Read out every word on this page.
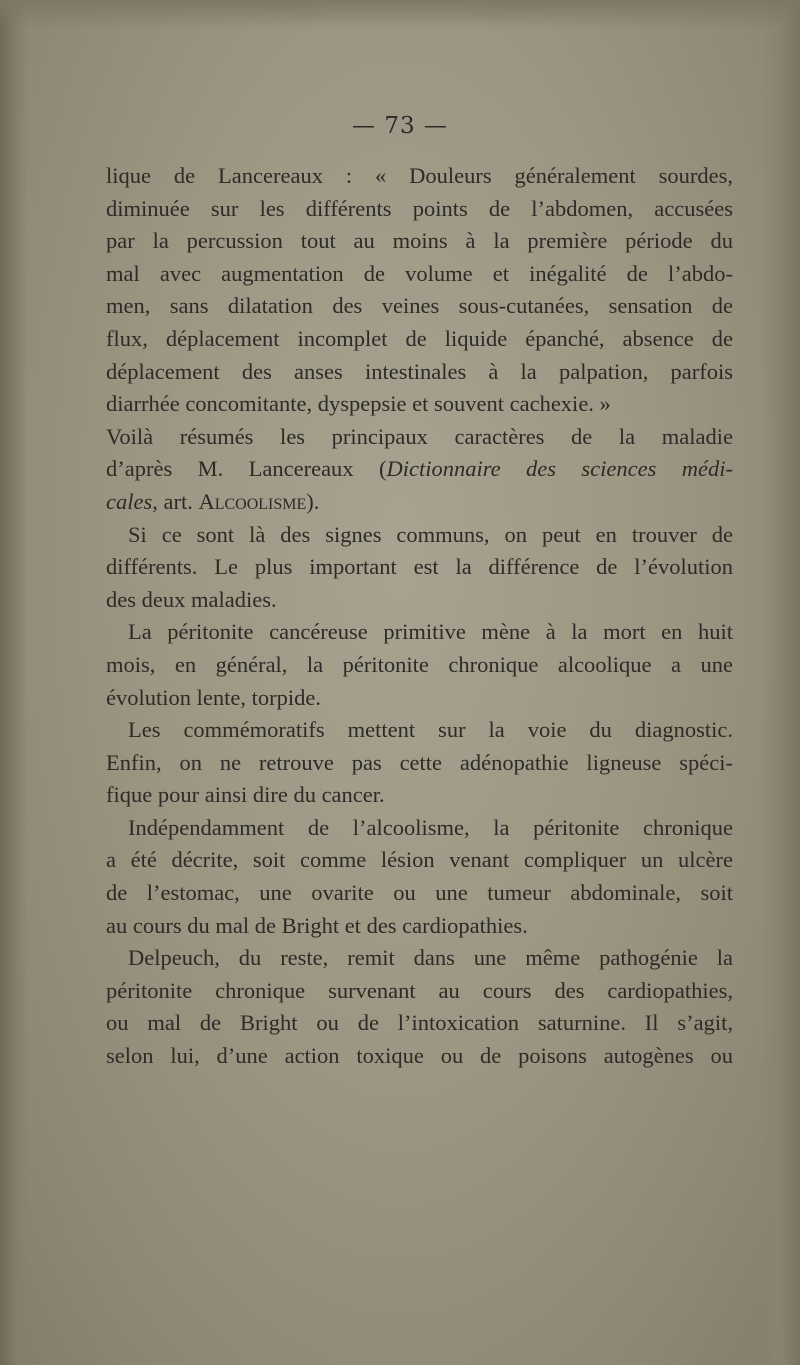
— 73 —
lique de Lancereaux : « Douleurs généralement sourdes,
diminuée sur les différents points de l’abdomen, accusées
par la percussion tout au moins à la première période du
mal avec augmentation de volume et inégalité de l’abdo-
men, sans dilatation des veines sous-cutanées, sensation de
flux, déplacement incomplet de liquide épanché, absence de
déplacement des anses intestinales à la palpation, parfois
diarrhée concomitante, dyspepsie et souvent cachexie. »
Voilà résumés les principaux caractères de la maladie
d’après M. Lancereaux (Dictionnaire des sciences médi-
cales, art. Alcoolisme).
Si ce sont là des signes communs, on peut en trouver de
différents. Le plus important est la différence de l’évolution
des deux maladies.
La péritonite cancéreuse primitive mène à la mort en huit
mois, en général, la péritonite chronique alcoolique a une
évolution lente, torpide.
Les commémoratifs mettent sur la voie du diagnostic.
Enfin, on ne retrouve pas cette adénopathie ligneuse spéci-
fique pour ainsi dire du cancer.
Indépendamment de l’alcoolisme, la péritonite chronique
a été décrite, soit comme lésion venant compliquer un ulcère
de l’estomac, une ovarite ou une tumeur abdominale, soit
au cours du mal de Bright et des cardiopathies.
Delpeuch, du reste, remit dans une même pathogénie la
péritonite chronique survenant au cours des cardiopathies,
ou mal de Bright ou de l’intoxication saturnine. Il s’agit,
selon lui, d’une action toxique ou de poisons autogènes ou
